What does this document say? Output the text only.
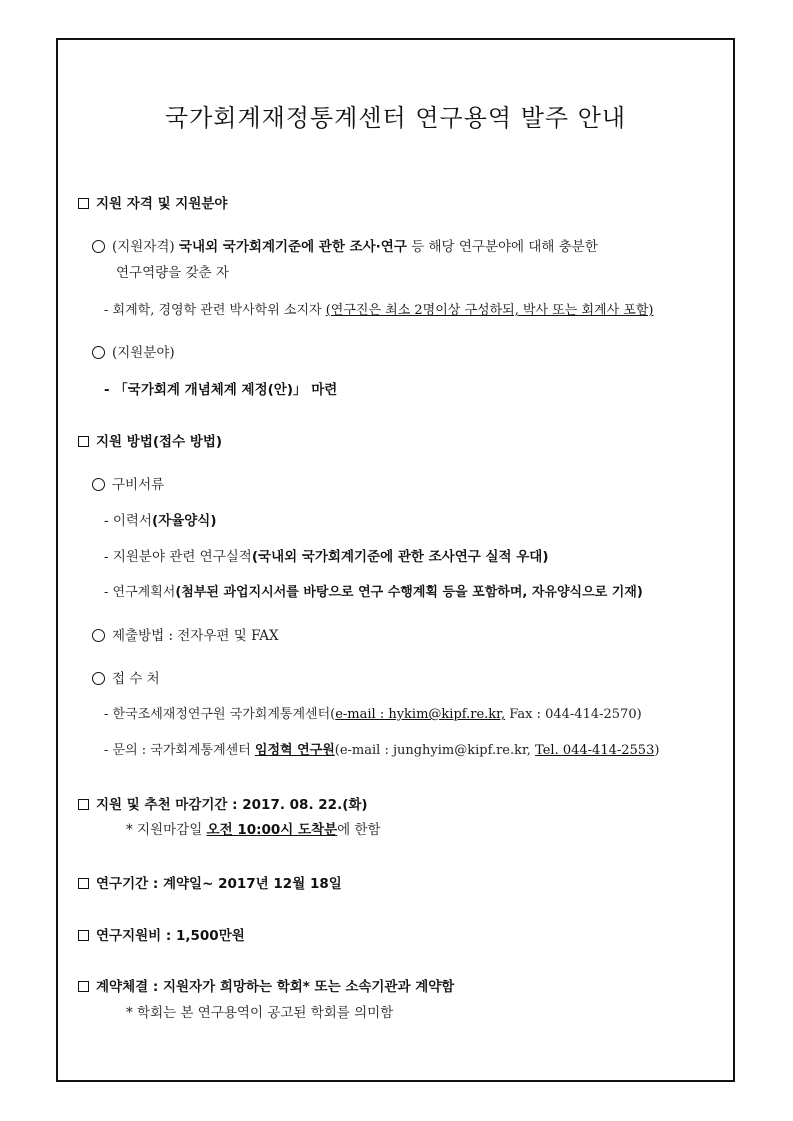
국가회계재정통계센터 연구용역 발주 안내
지원 자격 및 지원분야
(지원자격) 국내외 국가회계기준에 관한 조사·연구 등 해당 연구분야에 대해 충분한
연구역량을 갖춘 자
- 회계학, 경영학 관련 박사학위 소지자 (연구진은 최소 2명이상 구성하되, 박사 또는 회계사 포함)
(지원분야)
- 「국가회계 개념체계 제정(안)」 마련
지원 방법(접수 방법)
구비서류
- 이력서(자율양식)
- 지원분야 관련 연구실적(국내외 국가회계기준에 관한 조사연구 실적 우대)
- 연구계획서(첨부된 과업지시서를 바탕으로 연구 수행계획 등을 포함하며, 자유양식으로 기재)
제출방법 : 전자우편 및 FAX
접 수 처
- 한국조세재정연구원 국가회계통계센터(e-mail : hykim@kipf.re.kr, Fax : 044-414-2570)
- 문의 : 국가회계통계센터 임정혁 연구원(e-mail : junghyim@kipf.re.kr, Tel. 044-414-2553)
지원 및 추천 마감기간 : 2017. 08. 22.(화)
* 지원마감일 오전 10:00시 도착분에 한함
연구기간 : 계약일~ 2017년 12월 18일
연구지원비 : 1,500만원
계약체결 : 지원자가 희망하는 학회* 또는 소속기관과 계약함
* 학회는 본 연구용역이 공고된 학회를 의미함
